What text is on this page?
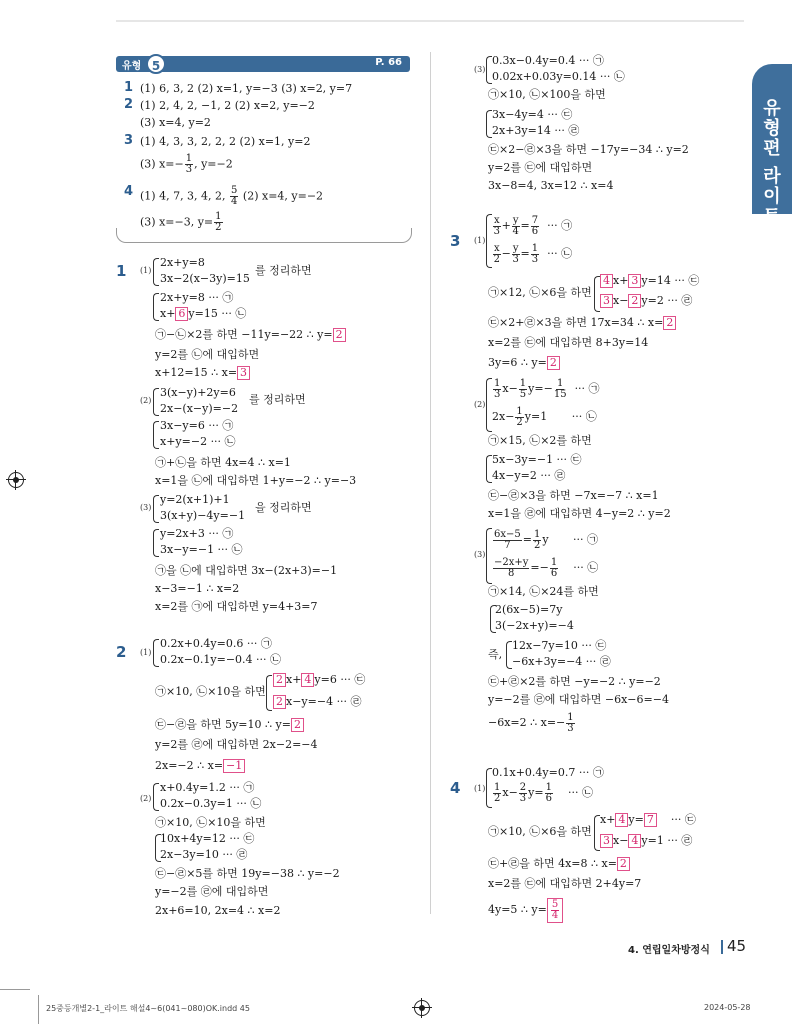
유형편 라이트
유형 5	P. 66
1 (1) 6, 3, 2 (2) x=1, y=−3 (3) x=2, y=7
2 (1) 2, 4, 2, −1, 2 (2) x=2, y=−2
(3) x=4, y=2
3 (1) 4, 3, 3, 2, 2, 2 (2) x=1, y=2
(3) $x=- \frac{1}{3}$ , y=−2
4 (1) 4, 7, 3, 4, 2, $\frac{5}{4} (2)$ x=4, y=−2
(3) x=−3, $y= \frac{1}{2}$
1 (1)
2x+y=8
3x−2(x−3y)=15
를 정리하면
2x+y=8 ··· ㉠
x+ 6 y=15 ··· ㉡
㉠−㉡×2를 하면 −11y=−22 ∴ y= 2
y=2를 ㉡에 대입하면
x+12=15 ∴ x= 3
(2)
3(x−y)+2y=6
2x−(x−y)=−2
를 정리하면
3x−y=6 ··· ㉠
x+y=−2 ··· ㉡
㉠+㉡을 하면 4x=4 ∴ x=1
x=1을 ㉡에 대입하면 1+y=−2 ∴ y=−3
(3)
y=2(x+1)+1
3(x+y)−4y=−1
을 정리하면
y=2x+3 ··· ㉠
3x−y=−1 ··· ㉡
㉠을 ㉡에 대입하면 3x−(2x+3)=−1
x−3=−1 ∴ x=2
x=2를 ㉠에 대입하면 y=4+3=7
2 (1)
0.2x+0.4y=0.6 ··· ㉠
0.2x−0.1y=−0.4 ··· ㉡
㉠×10, ㉡×10을 하면
2 x+ 4 y=6 ··· ㉢
2 x−y=−4 ··· ㉣
㉢−㉣을 하면 5y=10 ∴ y= 2
y=2를 ㉣에 대입하면 2x−2=−4
2x=−2 ∴ x= −1
(2)
x+0.4y=1.2 ··· ㉠
0.2x−0.3y=1 ··· ㉡
㉠×10, ㉡×10을 하면
10x+4y=12 ··· ㉢
2x−3y=10 ··· ㉣
㉢−㉣×5를 하면 19y=−38 ∴ y=−2
y=−2를 ㉣에 대입하면
2x+6=10, 2x=4 ∴ x=2
(3)
0.3x−0.4y=0.4 ··· ㉠
0.02x+0.03y=0.14 ··· ㉡
㉠×10, ㉡×100을 하면
3x−4y=4 ··· ㉢
2x+3y=14 ··· ㉣
㉢×2−㉣×3을 하면 −17y=−34 ∴ y=2
y=2를 ㉢에 대입하면
3x−8=4, 3x=12 ∴ x=4
3 (1)
$\frac{x}{3} + \frac{y}{4} = \frac{7}{6}$ ··· ㉠
$\frac{x}{2} - \frac{y}{3} = \frac{1}{3}$ ··· ㉡
㉠×12, ㉡×6을 하면
4 x+ 3 y=14 ··· ㉢
3 x− 2 y=2 ··· ㉣
㉢×2+㉣×3을 하면 17x=34 ∴ x= 2
x=2를 ㉢에 대입하면 8+3y=14
3y=6 ∴ y= 2
(2)
$\frac{1}{3} x- \frac{1}{5} y=- \frac{1}{15}$ ··· ㉠
$2x- \frac{1}{2} y=1$ ··· ㉡
㉠×15, ㉡×2를 하면
5x−3y=−1 ··· ㉢
4x−y=2 ··· ㉣
㉢−㉣×3을 하면 −7x=−7 ∴ x=1
x=1을 ㉣에 대입하면 4−y=2 ∴ y=2
(3)
$\frac{6x-5}{7} = \frac{1}{2}$ y       ··· ㉠
$\frac{-2x+y}{8} =- \frac{1}{6}$ ··· ㉡
㉠×14, ㉡×24를 하면
2(6x−5)=7y
3(−2x+y)=−4
즉,
12x−7y=10 ··· ㉢
−6x+3y=−4 ··· ㉣
㉢+㉣×2를 하면 −y=−2 ∴ y=−2
y=−2를 ㉣에 대입하면 −6x−6=−4
−6x=2 ∴ $x=- \frac{1}{3}$
4 (1)
0.1x+0.4y=0.7 ··· ㉠
$\frac{1}{2} x- \frac{2}{3} y= \frac{1}{6}$ ··· ㉡
㉠×10, ㉡×6을 하면
x+ 4 y= 7 ··· ㉢
3 x− 4 y=1 ··· ㉣
㉢+㉣을 하면 4x=8 ∴ x= 2
x=2를 ㉢에 대입하면 2+4y=7
4y=5 ∴ $y= \frac{5}{4}$
4. 연립일차방정식 45
25중등개별2-1_라이트 해설4~6(041~080)OK.indd 45	2024-05-28
